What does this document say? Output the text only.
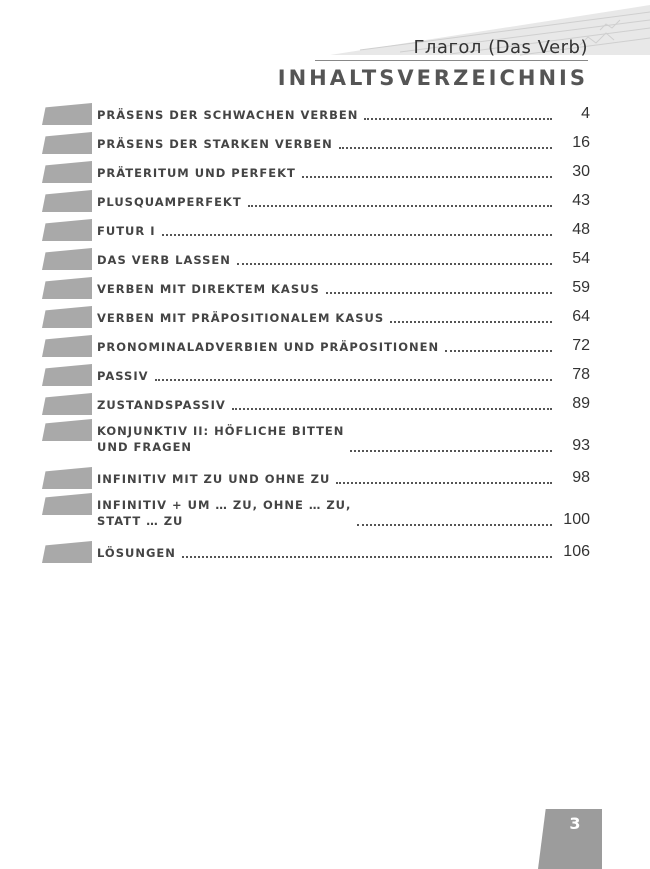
Глагол (Das Verb)
INHALTSVERZEICHNIS
PRÄSENS DER SCHWACHEN VERBEN	4
PRÄSENS DER STARKEN VERBEN	16
PRÄTERITUM UND PERFEKT	30
PLUSQUAMPERFEKT	43
FUTUR I	48
DAS VERB LASSEN	54
VERBEN MIT DIREKTEM KASUS	59
VERBEN MIT PRÄPOSITIONALEM KASUS	64
PRONOMINALADVERBIEN UND PRÄPOSITIONEN	72
PASSIV	78
ZUSTANDSPASSIV	89
KONJUNKTIV II: HÖFLICHE BITTEN
UND FRAGEN	93
INFINITIV MIT ZU UND OHNE ZU	98
INFINITIV + UM … ZU, OHNE … ZU,
STATT … ZU	100
LÖSUNGEN	106
3
